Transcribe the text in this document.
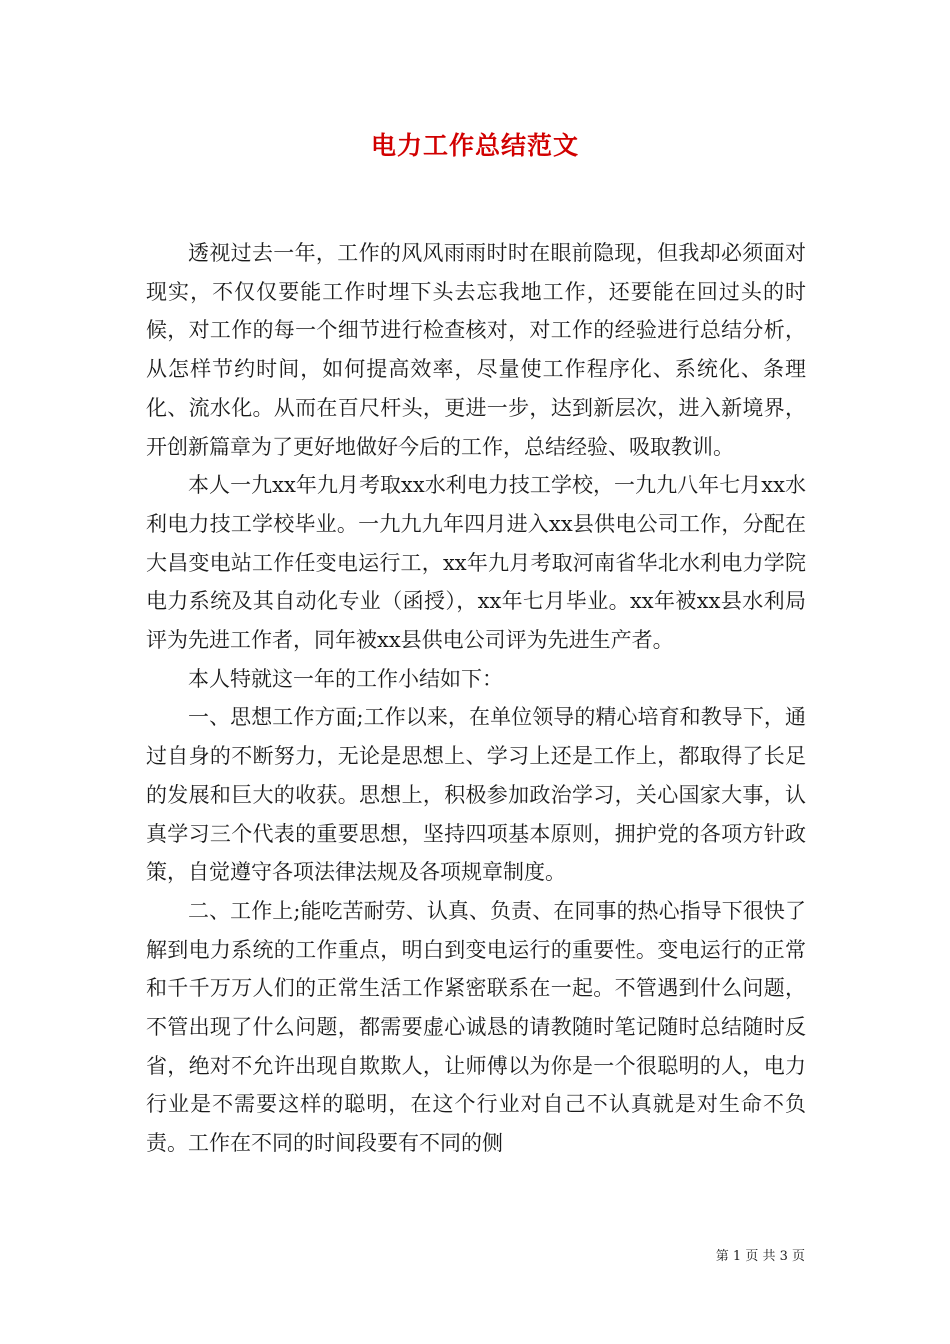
电力工作总结范文

透视过去一年，工作的风风雨雨时时在眼前隐现，但我却必须面对现实，不仅仅要能工作时埋下头去忘我地工作，还要能在回过头的时候，对工作的每一个细节进行检查核对，对工作的经验进行总结分析，从怎样节约时间，如何提高效率，尽量使工作程序化、系统化、条理化、流水化。从而在百尺杆头，更进一步，达到新层次，进入新境界，开创新篇章为了更好地做好今后的工作，总结经验、吸取教训。

本人一九xx年九月考取xx水利电力技工学校，一九九八年七月xx水利电力技工学校毕业。一九九九年四月进入xx县供电公司工作，分配在大昌变电站工作任变电运行工，xx年九月考取河南省华北水利电力学院电力系统及其自动化专业（函授），xx年七月毕业。xx年被xx县水利局评为先进工作者，同年被xx县供电公司评为先进生产者。

本人特就这一年的工作小结如下：

一、思想工作方面;工作以来，在单位领导的精心培育和教导下，通过自身的不断努力，无论是思想上、学习上还是工作上，都取得了长足的发展和巨大的收获。思想上，积极参加政治学习，关心国家大事，认真学习三个代表的重要思想，坚持四项基本原则，拥护党的各项方针政策，自觉遵守各项法律法规及各项规章制度。

二、工作上;能吃苦耐劳、认真、负责、在同事的热心指导下很快了解到电力系统的工作重点，明白到变电运行的重要性。变电运行的正常和千千万万人们的正常生活工作紧密联系在一起。不管遇到什么问题，不管出现了什么问题，都需要虚心诚恳的请教随时笔记随时总结随时反省，绝对不允许出现自欺欺人，让师傅以为你是一个很聪明的人，电力行业是不需要这样的聪明，在这个行业对自己不认真就是对生命不负责。工作在不同的时间段要有不同的侧

第 1 页 共 3 页
